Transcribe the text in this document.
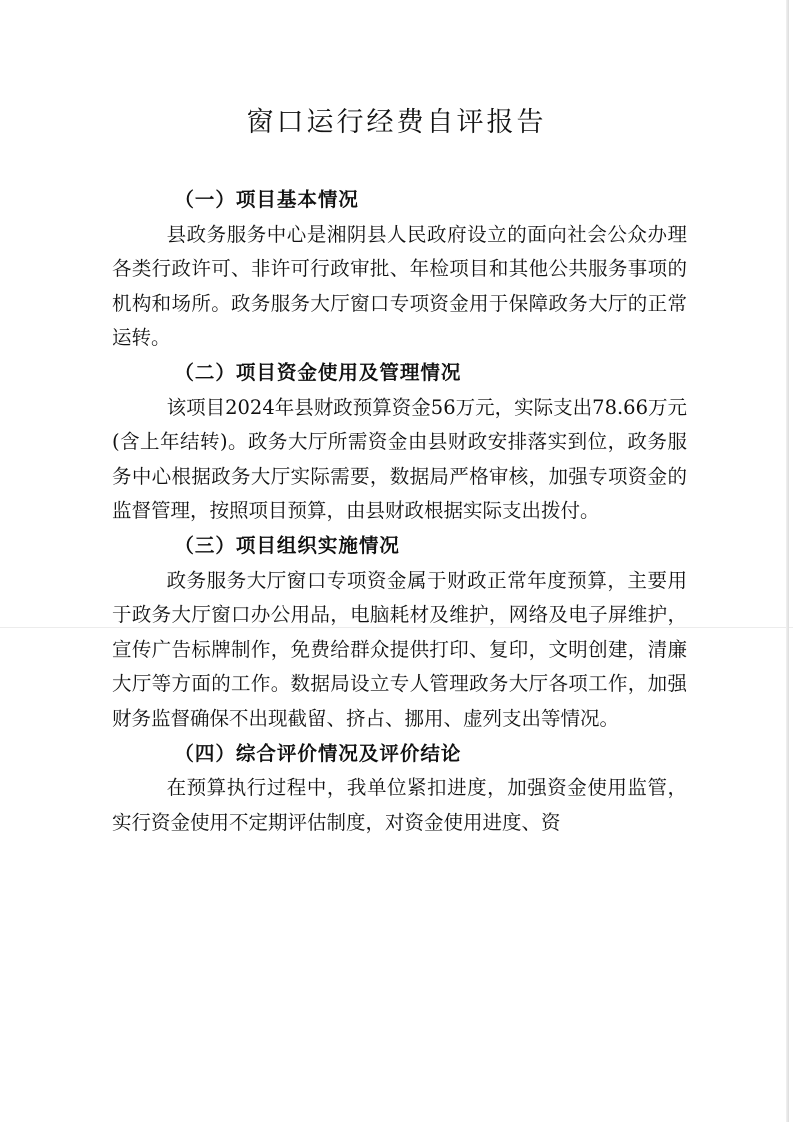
窗口运行经费自评报告
（一）项目基本情况

县政务服务中心是湘阴县人民政府设立的面向社会公众办理各类行政许可、非许可行政审批、年检项目和其他公共服务事项的机构和场所。政务服务大厅窗口专项资金用于保障政务大厅的正常运转。

（二）项目资金使用及管理情况

该项目2024年县财政预算资金56万元，实际支出78.66万元(含上年结转)。政务大厅所需资金由县财政安排落实到位，政务服务中心根据政务大厅实际需要，数据局严格审核，加强专项资金的监督管理，按照项目预算，由县财政根据实际支出拨付。

（三）项目组织实施情况

政务服务大厅窗口专项资金属于财政正常年度预算，主要用于政务大厅窗口办公用品，电脑耗材及维护，网络及电子屏维护，宣传广告标牌制作，免费给群众提供打印、复印，文明创建，清廉大厅等方面的工作。数据局设立专人管理政务大厅各项工作，加强财务监督确保不出现截留、挤占、挪用、虚列支出等情况。

（四）综合评价情况及评价结论

在预算执行过程中，我单位紧扣进度，加强资金使用监管，实行资金使用不定期评估制度，对资金使用进度、资
